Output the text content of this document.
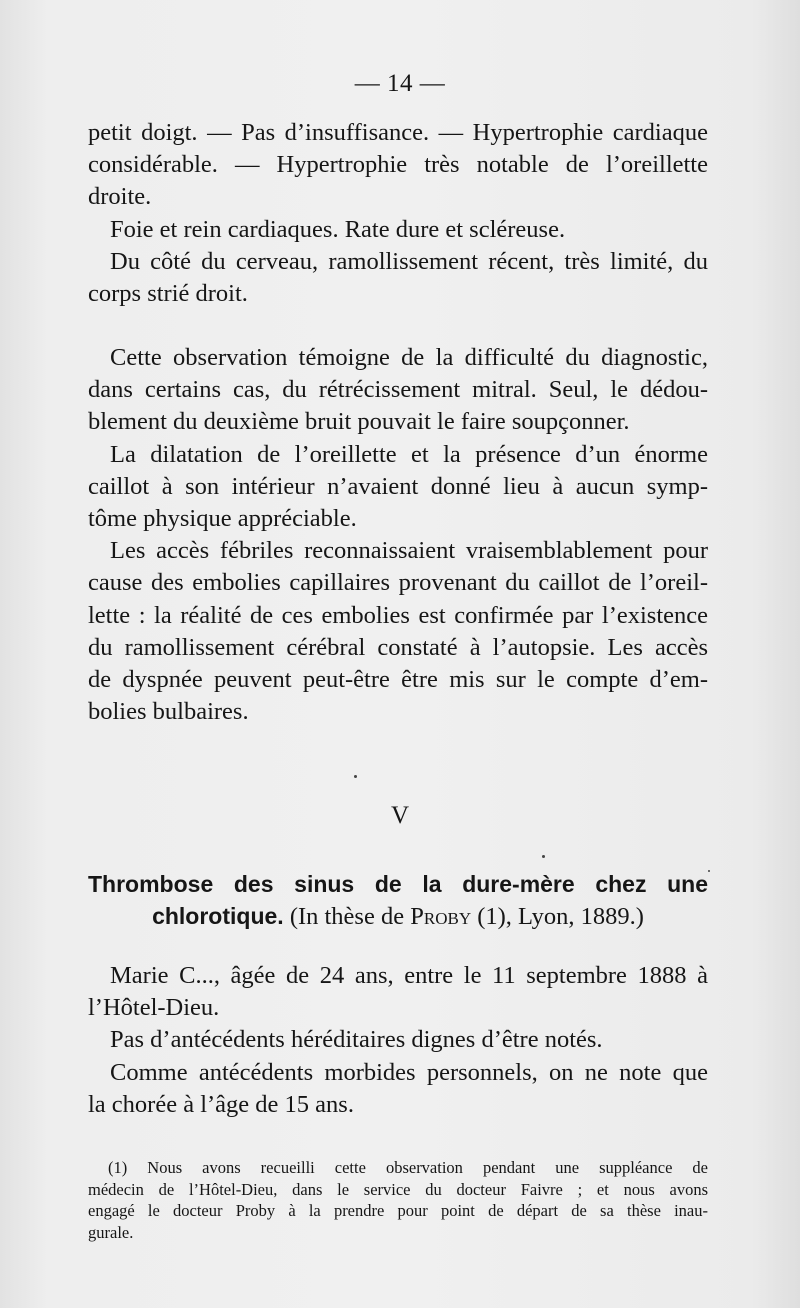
— 14 —
petit doigt. — Pas d’insuffisance. — Hypertrophie cardiaque
considérable. — Hypertrophie très notable de l’oreillette
droite.
Foie et rein cardiaques. Rate dure et scléreuse.
Du côté du cerveau, ramollissement récent, très limité, du
corps strié droit.
Cette observation témoigne de la difficulté du diagnostic,
dans certains cas, du rétrécissement mitral. Seul, le dédou-
blement du deuxième bruit pouvait le faire soupçonner.
La dilatation de l’oreillette et la présence d’un énorme
caillot à son intérieur n’avaient donné lieu à aucun symp-
tôme physique appréciable.
Les accès fébriles reconnaissaient vraisemblablement pour
cause des embolies capillaires provenant du caillot de l’oreil-
lette : la réalité de ces embolies est confirmée par l’existence
du ramollissement cérébral constaté à l’autopsie. Les accès
de dyspnée peuvent peut-être être mis sur le compte d’em-
bolies bulbaires.
V
Thrombose des sinus de la dure-mère chez une
chlorotique. (In thèse de Proby (1), Lyon, 1889.)
Marie C..., âgée de 24 ans, entre le 11 septembre 1888 à
l’Hôtel-Dieu.
Pas d’antécédents héréditaires dignes d’être notés.
Comme antécédents morbides personnels, on ne note que
la chorée à l’âge de 15 ans.
(1) Nous avons recueilli cette observation pendant une suppléance de
médecin de l’Hôtel-Dieu, dans le service du docteur Faivre ; et nous avons
engagé le docteur Proby à la prendre pour point de départ de sa thèse inau-
gurale.
